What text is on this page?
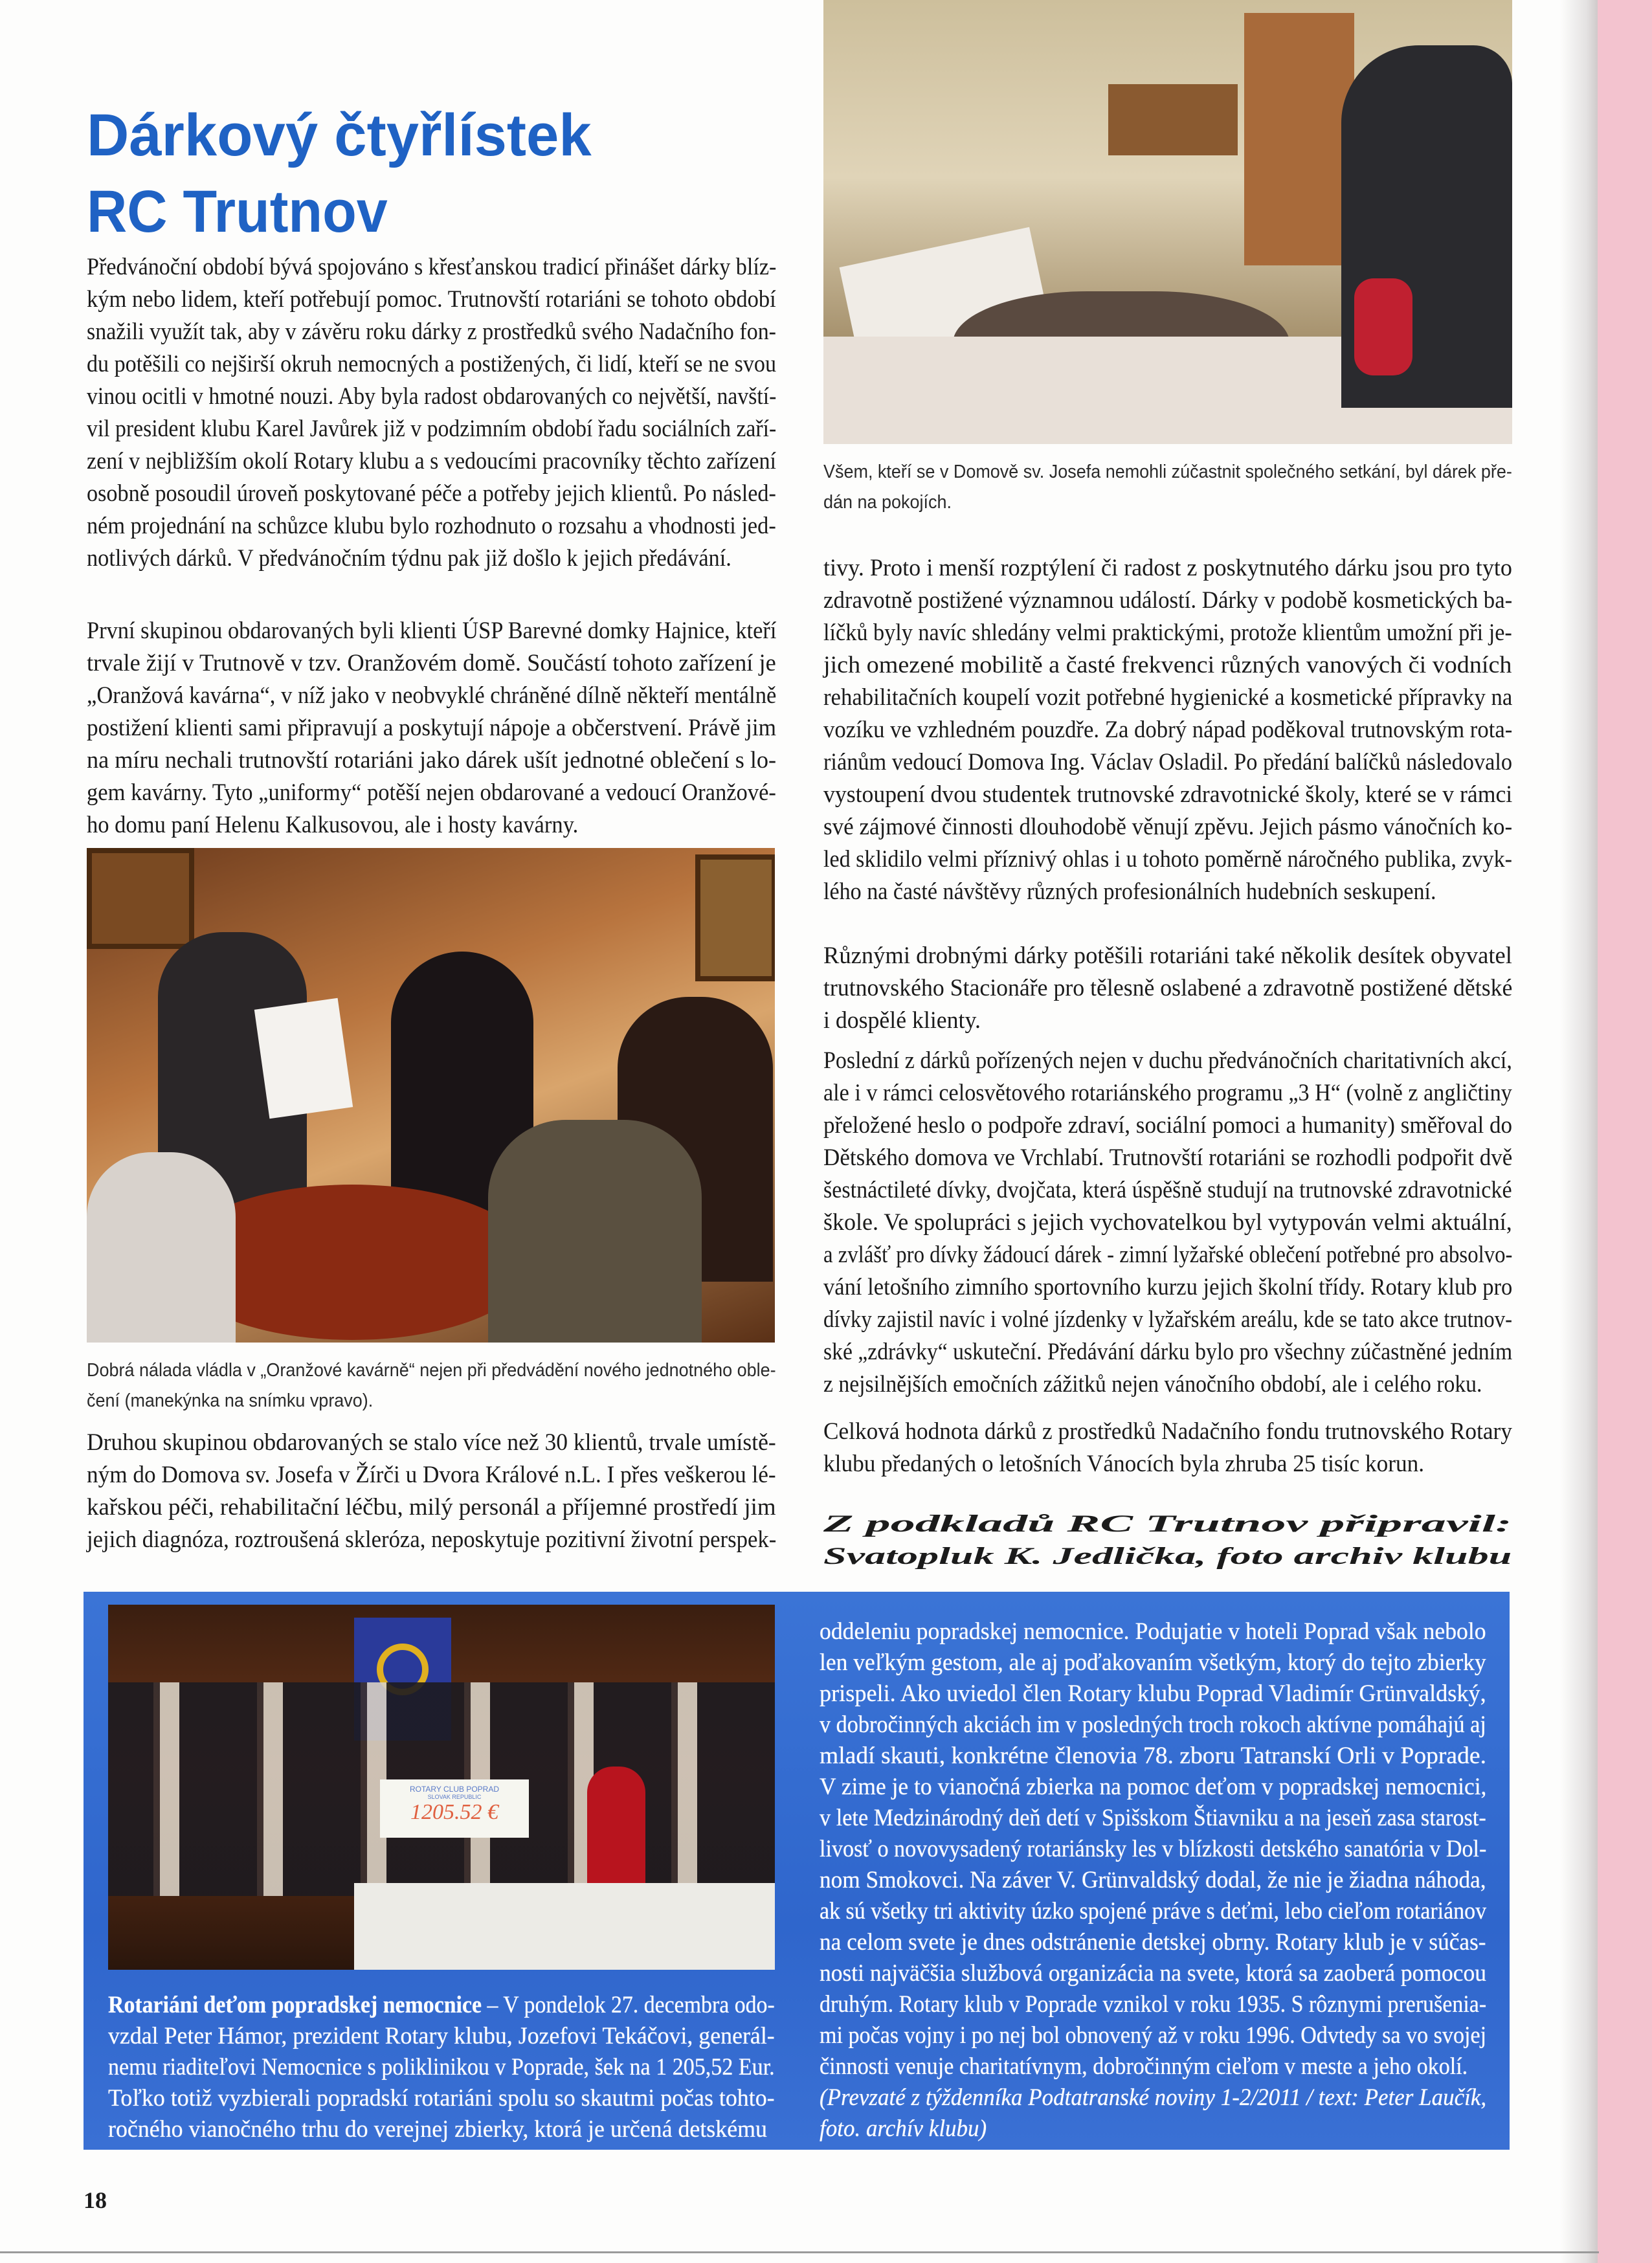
Dárkový čtyřlístek
RC Trutnov
Předvánoční období bývá spojováno s křesťanskou tradicí přinášet dárky blíz-
kým nebo lidem, kteří potřebují pomoc. Trutnovští rotariáni se tohoto období
snažili využít tak, aby v závěru roku dárky z prostředků svého Nadačního fon-
du potěšili co nejširší okruh nemocných a postižených, či lidí, kteří se ne svou
vinou ocitli v hmotné nouzi. Aby byla radost obdarovaných co největší, navští-
vil president klubu Karel Javůrek již v podzimním období řadu sociálních zaří-
zení v nejbližším okolí Rotary klubu a s vedoucími pracovníky těchto zařízení
osobně posoudil úroveň poskytované péče a potřeby jejich klientů. Po násled-
ném projednání na schůzce klubu bylo rozhodnuto o rozsahu a vhodnosti jed-
notlivých dárků. V předvánočním týdnu pak již došlo k jejich předávání.
První skupinou obdarovaných byli klienti ÚSP Barevné domky Hajnice, kteří
trvale žijí v Trutnově v tzv. Oranžovém domě. Součástí tohoto zařízení je
„Oranžová kavárna“, v níž jako v neobvyklé chráněné dílně někteří mentálně
postižení klienti sami připravují a poskytují nápoje a občerstvení. Právě jim
na míru nechali trutnovští rotariáni jako dárek ušít jednotné oblečení s lo-
gem kavárny. Tyto „uniformy“ potěší nejen obdarované a vedoucí Oranžové-
ho domu paní Helenu Kalkusovou, ale i hosty kavárny.
Dobrá nálada vládla v „Oranžové kavárně“ nejen při předvádění nového jednotného oble-
čení (manekýnka na snímku vpravo).
Druhou skupinou obdarovaných se stalo více než 30 klientů, trvale umístě-
ným do Domova sv. Josefa v Žírči u Dvora Králové n.L. I přes veškerou lé-
kařskou péči, rehabilitační léčbu, milý personál a příjemné prostředí jim
jejich diagnóza, roztroušená skleróza, neposkytuje pozitivní životní perspek-
Všem, kteří se v Domově sv. Josefa nemohli zúčastnit společného setkání, byl dárek pře-
dán na pokojích.
tivy. Proto i menší rozptýlení či radost z poskytnutého dárku jsou pro tyto
zdravotně postižené významnou událostí. Dárky v podobě kosmetických ba-
líčků byly navíc shledány velmi praktickými, protože klientům umožní při je-
jich omezené mobilitě a časté frekvenci různých vanových či vodních
rehabilitačních koupelí vozit potřebné hygienické a kosmetické přípravky na
vozíku ve vzhledném pouzdře. Za dobrý nápad poděkoval trutnovským rota-
riánům vedoucí Domova Ing. Václav Osladil. Po předání balíčků následovalo
vystoupení dvou studentek trutnovské zdravotnické školy, které se v rámci
své zájmové činnosti dlouhodobě věnují zpěvu. Jejich pásmo vánočních ko-
led sklidilo velmi příznivý ohlas i u tohoto poměrně náročného publika, zvyk-
lého na časté návštěvy různých profesionálních hudebních seskupení.
Různými drobnými dárky potěšili rotariáni také několik desítek obyvatel
trutnovského Stacionáře pro tělesně oslabené a zdravotně postižené dětské
i dospělé klienty.
Poslední z dárků pořízených nejen v duchu předvánočních charitativních akcí,
ale i v rámci celosvětového rotariánského programu „3 H“ (volně z angličtiny
přeložené heslo o podpoře zdraví, sociální pomoci a humanity) směřoval do
Dětského domova ve Vrchlabí. Trutnovští rotariáni se rozhodli podpořit dvě
šestnáctileté dívky, dvojčata, která úspěšně studují na trutnovské zdravotnické
škole. Ve spolupráci s jejich vychovatelkou byl vytypován velmi aktuální,
a zvlášť pro dívky žádoucí dárek - zimní lyžařské oblečení potřebné pro absolvo-
vání letošního zimního sportovního kurzu jejich školní třídy. Rotary klub pro
dívky zajistil navíc i volné jízdenky v lyžařském areálu, kde se tato akce trutnov-
ské „zdrávky“ uskuteční. Předávání dárku bylo pro všechny zúčastněné jedním
z nejsilnějších emočních zážitků nejen vánočního období, ale i celého roku.
Celková hodnota dárků z prostředků Nadačního fondu trutnovského Rotary
klubu předaných o letošních Vánocích byla zhruba 25 tisíc korun.
Z podkladů RC Trutnov připravil:
Svatopluk K. Jedlička, foto archiv klubu
ROTARY CLUB POPRAD
SLOVAK REPUBLIC
1205.52 €
Rotariáni deťom popradskej nemocnice – V pondelok 27. decembra odo-
vzdal Peter Hámor, prezident Rotary klubu, Jozefovi Tekáčovi, generál-
nemu riaditeľovi Nemocnice s poliklinikou v Poprade, šek na 1 205,52 Eur.
Toľko totiž vyzbierali popradskí rotariáni spolu so skautmi počas tohto-
ročného vianočného trhu do verejnej zbierky, ktorá je určená detskému
oddeleniu popradskej nemocnice. Podujatie v hoteli Poprad však nebolo
len veľkým gestom, ale aj poďakovaním všetkým, ktorý do tejto zbierky
prispeli. Ako uviedol člen Rotary klubu Poprad Vladimír Grünvaldský,
v dobročinných akciách im v posledných troch rokoch aktívne pomáhajú aj
mladí skauti, konkrétne členovia 78. zboru Tatranskí Orli v Poprade.
V zime je to vianočná zbierka na pomoc deťom v popradskej nemocnici,
v lete Medzinárodný deň detí v Spišskom Štiavniku a na jeseň zasa starost-
livosť o novovysadený rotariánsky les v blízkosti detského sanatória v Dol-
nom Smokovci. Na záver V. Grünvaldský dodal, že nie je žiadna náhoda,
ak sú všetky tri aktivity úzko spojené práve s deťmi, lebo cieľom rotariánov
na celom svete je dnes odstránenie detskej obrny. Rotary klub je v súčas-
nosti najväčšia službová organizácia na svete, ktorá sa zaoberá pomocou
druhým. Rotary klub v Poprade vznikol v roku 1935. S rôznymi prerušenia-
mi počas vojny i po nej bol obnovený až v roku 1996. Odvtedy sa vo svojej
činnosti venuje charitatívnym, dobročinným cieľom v meste a jeho okolí.
(Prevzaté z týždenníka Podtatranské noviny 1-2/2011 / text: Peter Laučík,
foto. archív klubu)
18
